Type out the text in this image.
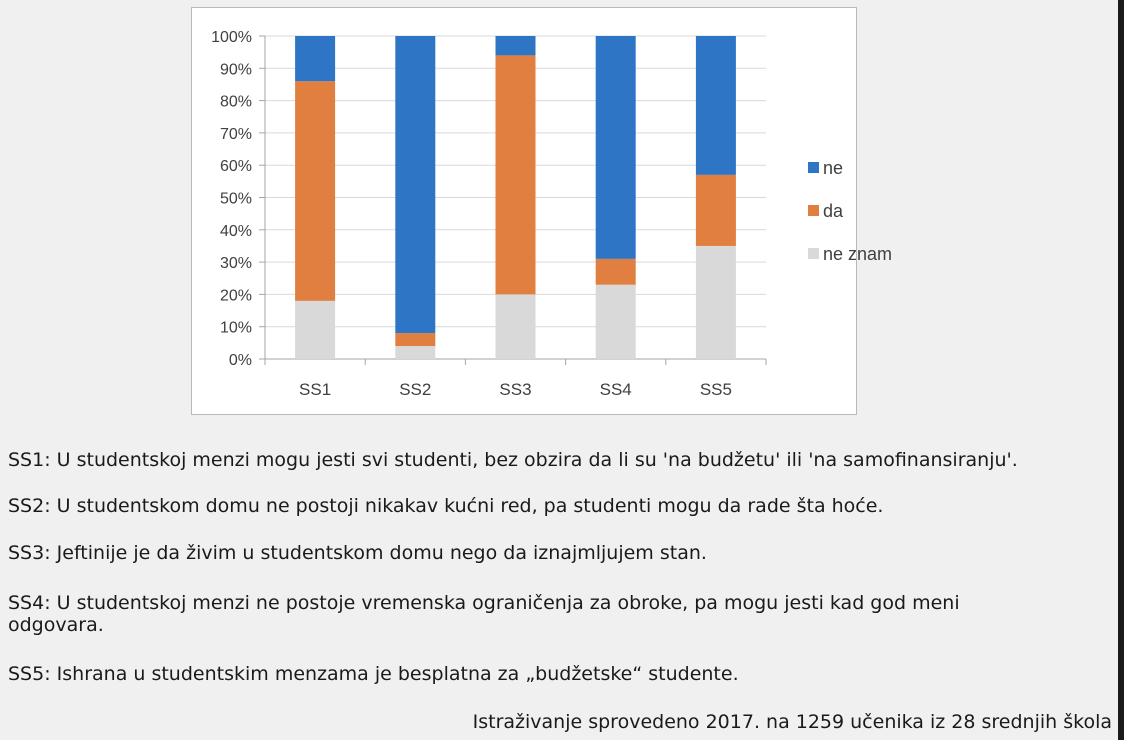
0%
10%
20%
30%
40%
50%
60%
70%
80%
90%
100%
SS1	SS2	SS3	SS4	SS5
ne
da
ne znam

SS1: U studentskoj menzi mogu jesti svi studenti, bez obzira da li su 'na budžetu' ili 'na samofinansiranju'.

SS2: U studentskom domu ne postoji nikakav kućni red, pa studenti mogu da rade šta hoće.

SS3: Jeftinije je da živim u studentskom domu nego da iznajmljujem stan.

SS4: U studentskoj menzi ne postoje vremenska ograničenja za obroke, pa mogu jesti kad god meni odgovara.

SS5: Ishrana u studentskim menzama je besplatna za „budžetske“ studente.

Istraživanje sprovedeno 2017. na 1259 učenika iz 28 srednjih škola
